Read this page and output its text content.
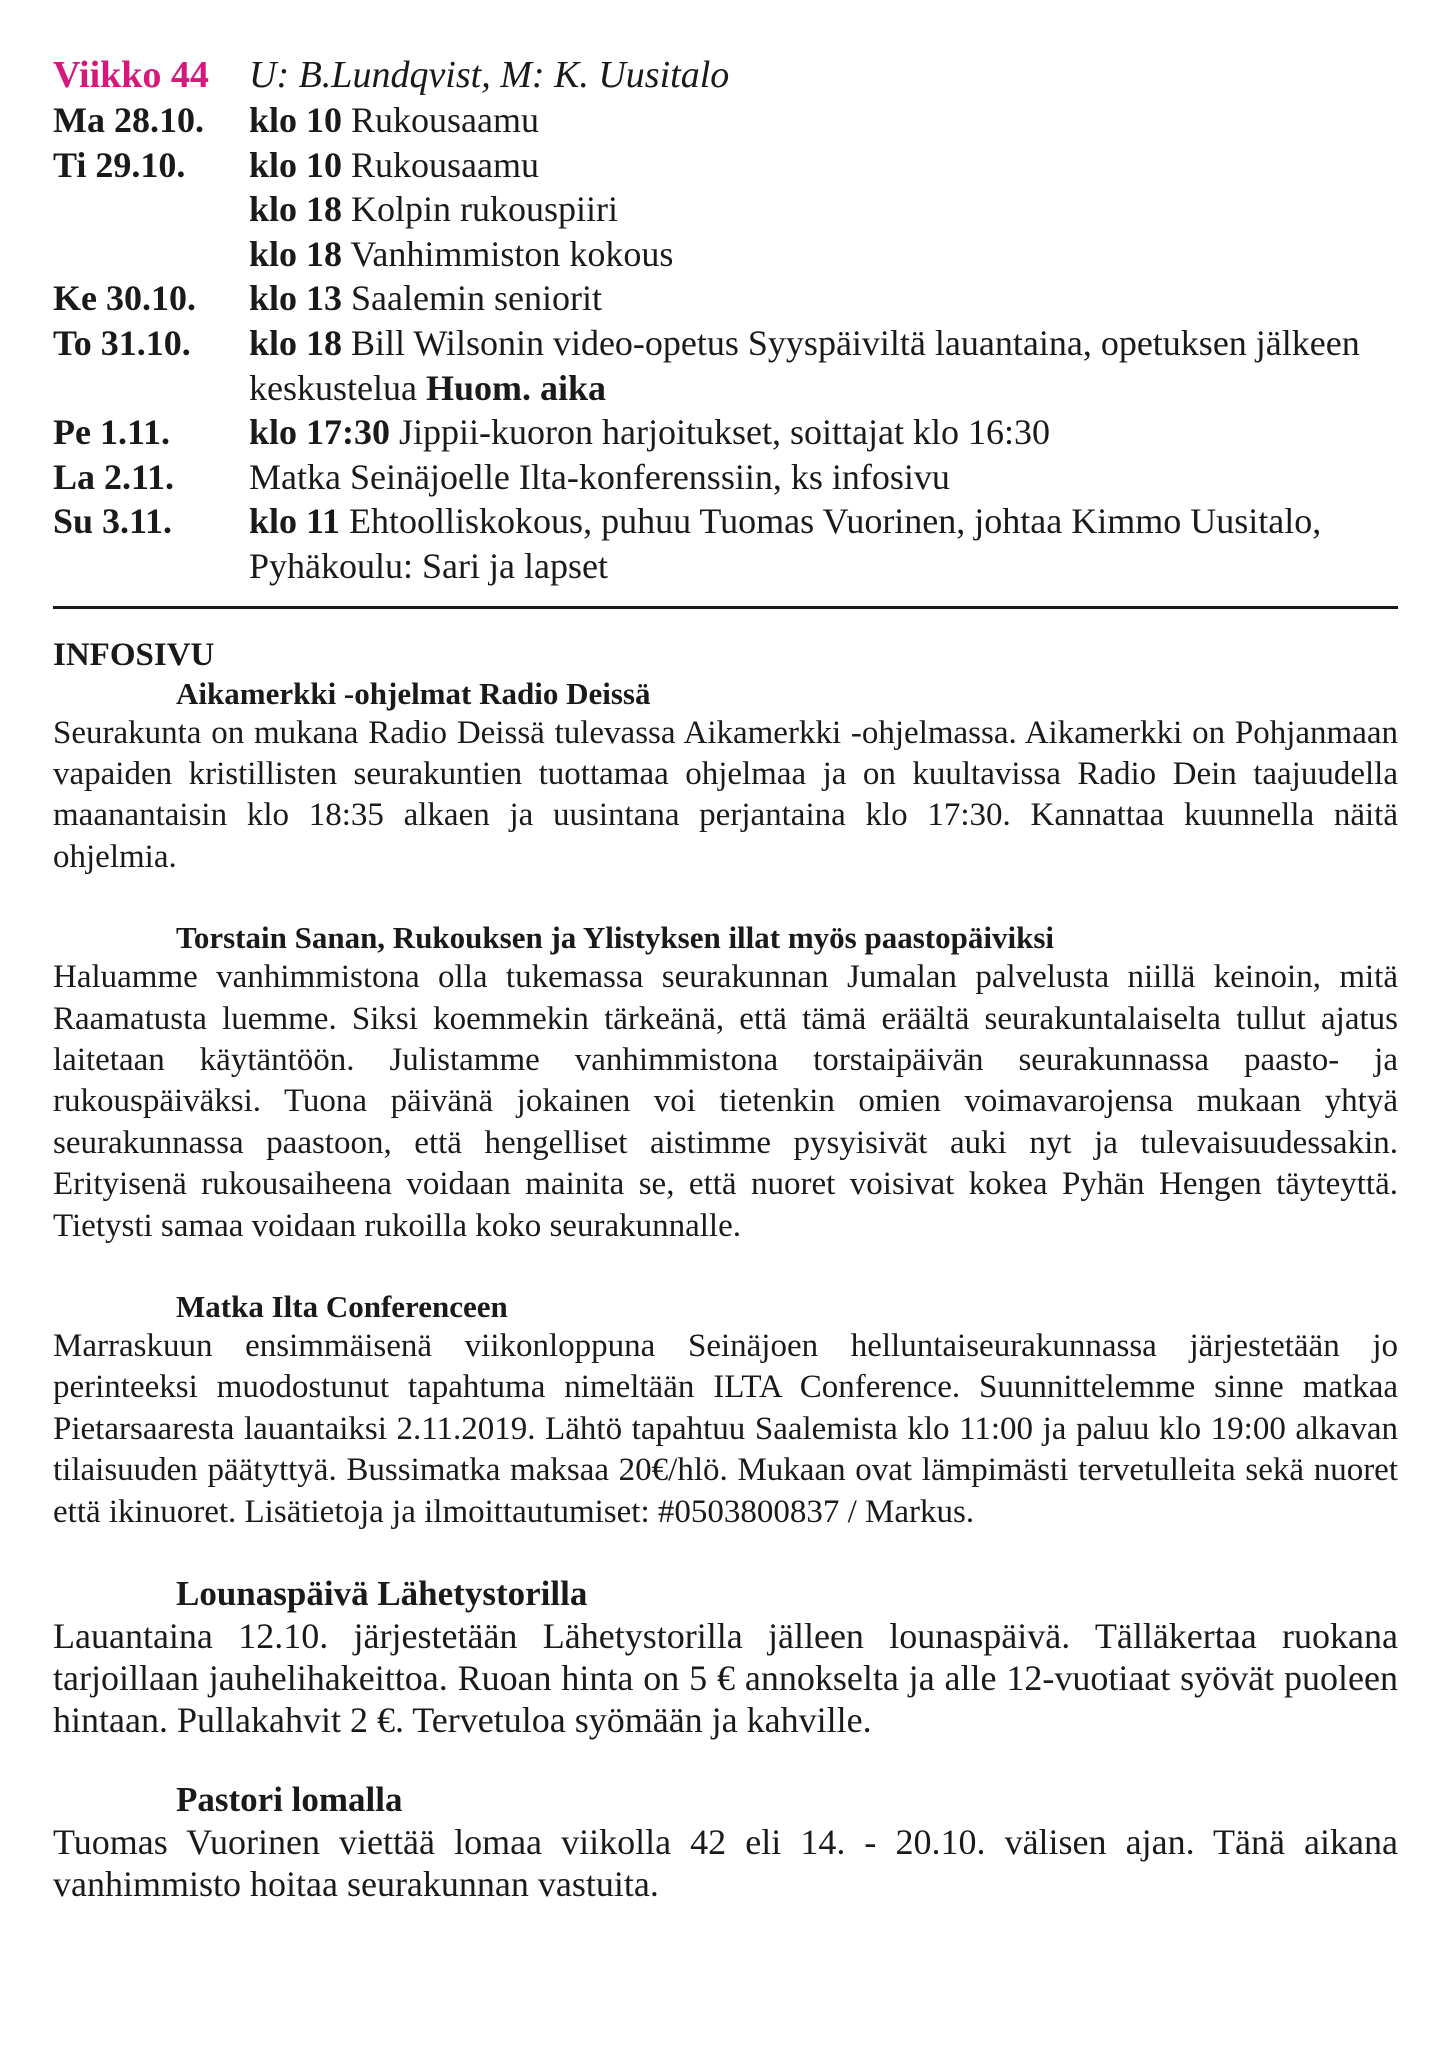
Viikko 44 U: B.Lundqvist, M: K. Uusitalo
Ma 28.10.	klo 10 Rukousaamu
Ti 29.10.	klo 10 Rukousaamu
klo 18 Kolpin rukouspiiri
klo 18 Vanhimmiston kokous
Ke 30.10.	klo 13 Saalemin seniorit
To 31.10.	klo 18 Bill Wilsonin video-opetus Syyspäiviltä lauantaina, opetuksen jälkeen keskustelua Huom. aika
Pe 1.11.	klo 17:30 Jippii-kuoron harjoitukset, soittajat klo 16:30
La 2.11.	Matka Seinäjoelle Ilta-konferenssiin, ks infosivu
Su 3.11.	klo 11 Ehtoolliskokous, puhuu Tuomas Vuorinen, johtaa Kimmo Uusitalo, Pyhäkoulu: Sari ja lapset
INFOSIVU
Aikamerkki -ohjelmat Radio Deissä
Seurakunta on mukana Radio Deissä tulevassa Aikamerkki -ohjelmassa. Aikamerkki on Pohjanmaan vapaiden kristillisten seurakuntien tuottamaa ohjelmaa ja on kuultavissa Radio Dein taajuudella maanantaisin klo 18:35 alkaen ja uusintana perjantaina klo 17:30. Kannattaa kuunnella näitä ohjelmia.
Torstain Sanan, Rukouksen ja Ylistyksen illat myös paastopäiviksi
Haluamme vanhimmistona olla tukemassa seurakunnan Jumalan palvelusta niillä keinoin, mitä Raamatusta luemme. Siksi koemmekin tärkeänä, että tämä eräältä seurakuntalaiselta tullut ajatus laitetaan käytäntöön. Julistamme vanhimmistona torstaipäivän seurakunnassa paasto- ja rukouspäiväksi. Tuona päivänä jokainen voi tietenkin omien voimavarojensa mukaan yhtyä seurakunnassa paastoon, että hengelliset aistimme pysyisivät auki nyt ja tulevaisuudessakin. Erityisenä rukousaiheena voidaan mainita se, että nuoret voisivat kokea Pyhän Hengen täyteyttä. Tietysti samaa voidaan rukoilla koko seurakunnalle.
Matka Ilta Conferenceen
Marraskuun ensimmäisenä viikonloppuna Seinäjoen helluntaiseurakunnassa järjestetään jo perinteeksi muodostunut tapahtuma nimeltään ILTA Conference. Suunnittelemme sinne matkaa Pietarsaaresta lauantaiksi 2.11.2019. Lähtö tapahtuu Saalemista klo 11:00 ja paluu klo 19:00 alkavan tilaisuuden päätyttyä. Bussimatka maksaa 20€/hlö. Mukaan ovat lämpimästi tervetulleita sekä nuoret että ikinuoret. Lisätietoja ja ilmoittautumiset: #0503800837 / Markus.
Lounaspäivä Lähetystorilla
Lauantaina 12.10. järjestetään Lähetystorilla jälleen lounaspäivä. Tälläkertaa ruokana tarjoillaan jauhelihakeittoa. Ruoan hinta on 5 € annokselta ja alle 12-vuotiaat syövät puoleen hintaan. Pullakahvit 2 €. Tervetuloa syömään ja kahville.
Pastori lomalla
Tuomas Vuorinen viettää lomaa viikolla 42 eli 14. - 20.10. välisen ajan. Tänä aikana vanhimmisto hoitaa seurakunnan vastuita.
